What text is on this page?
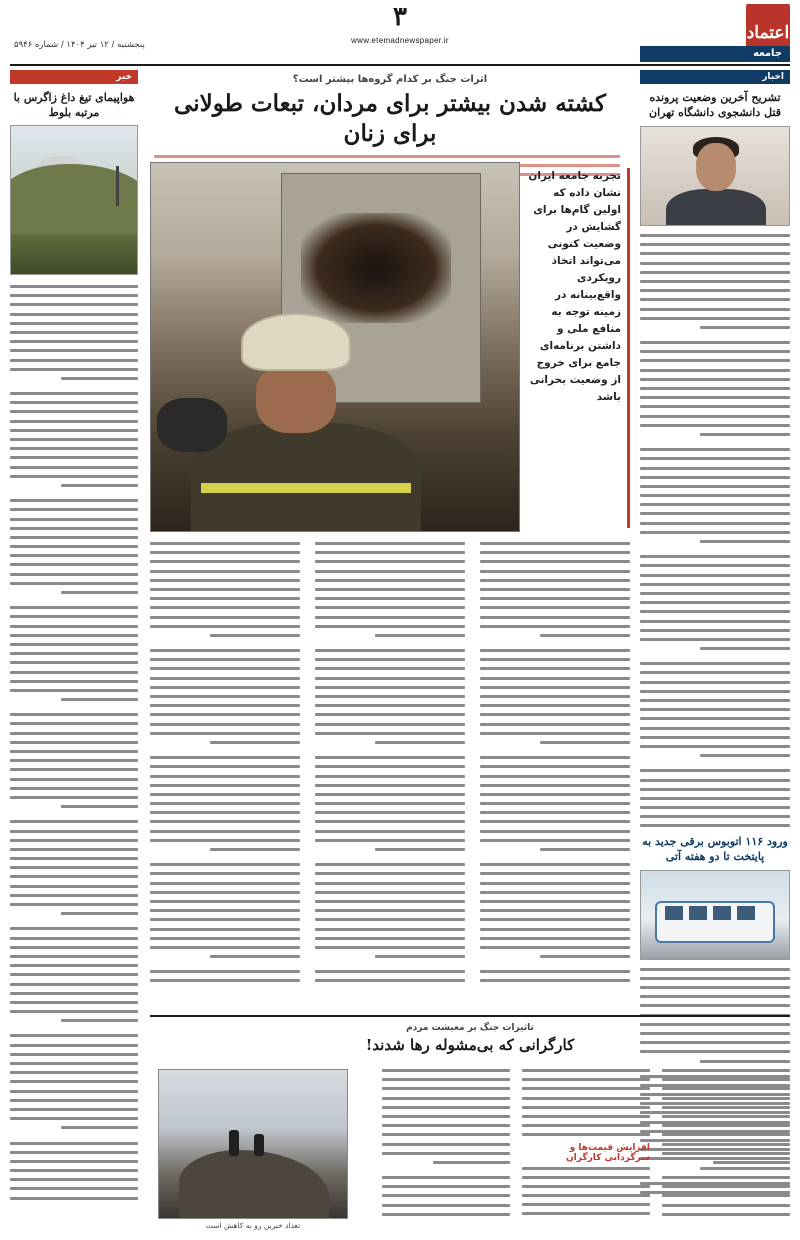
اعتماد
۳
www.etemadnewspaper.ir
پنجشنبه / ۱۲ تیر ۱۴۰۴ / شماره ۵۹۴۶
جامعه
خبر
هواپیمای تیغ داغ زاگرس با مرتبه بلوط
اخبار
تشریح آخرین وضعیت پرونده قتل دانشجوی دانشگاه تهران
ورود ۱۱۶ اتوبوس برقی جدید به پایتخت تا دو هفته آتی
اثرات جنگ بر کدام گروه‌ها بیشتر است؟
کشته شدن بیشتر برای مردان، تبعات طولانی برای زنان
تجربه جامعه ایران نشان داده که اولین گام‌ها برای گشایش در وضعیت کنونی می‌تواند اتخاذ رویکردی واقع‌بینانه در زمینه توجه به منافع ملی و داشتن برنامه‌ای جامع برای خروج از وضعیت بحرانی باشد
تاثیرات جنگ بر معیشت مردم
کارگرانی که بی‌مشوله رها شدند!
تعداد خبرین رو به کاهش است
افزایش قیمت‌ها و سرگردانی کارگران
